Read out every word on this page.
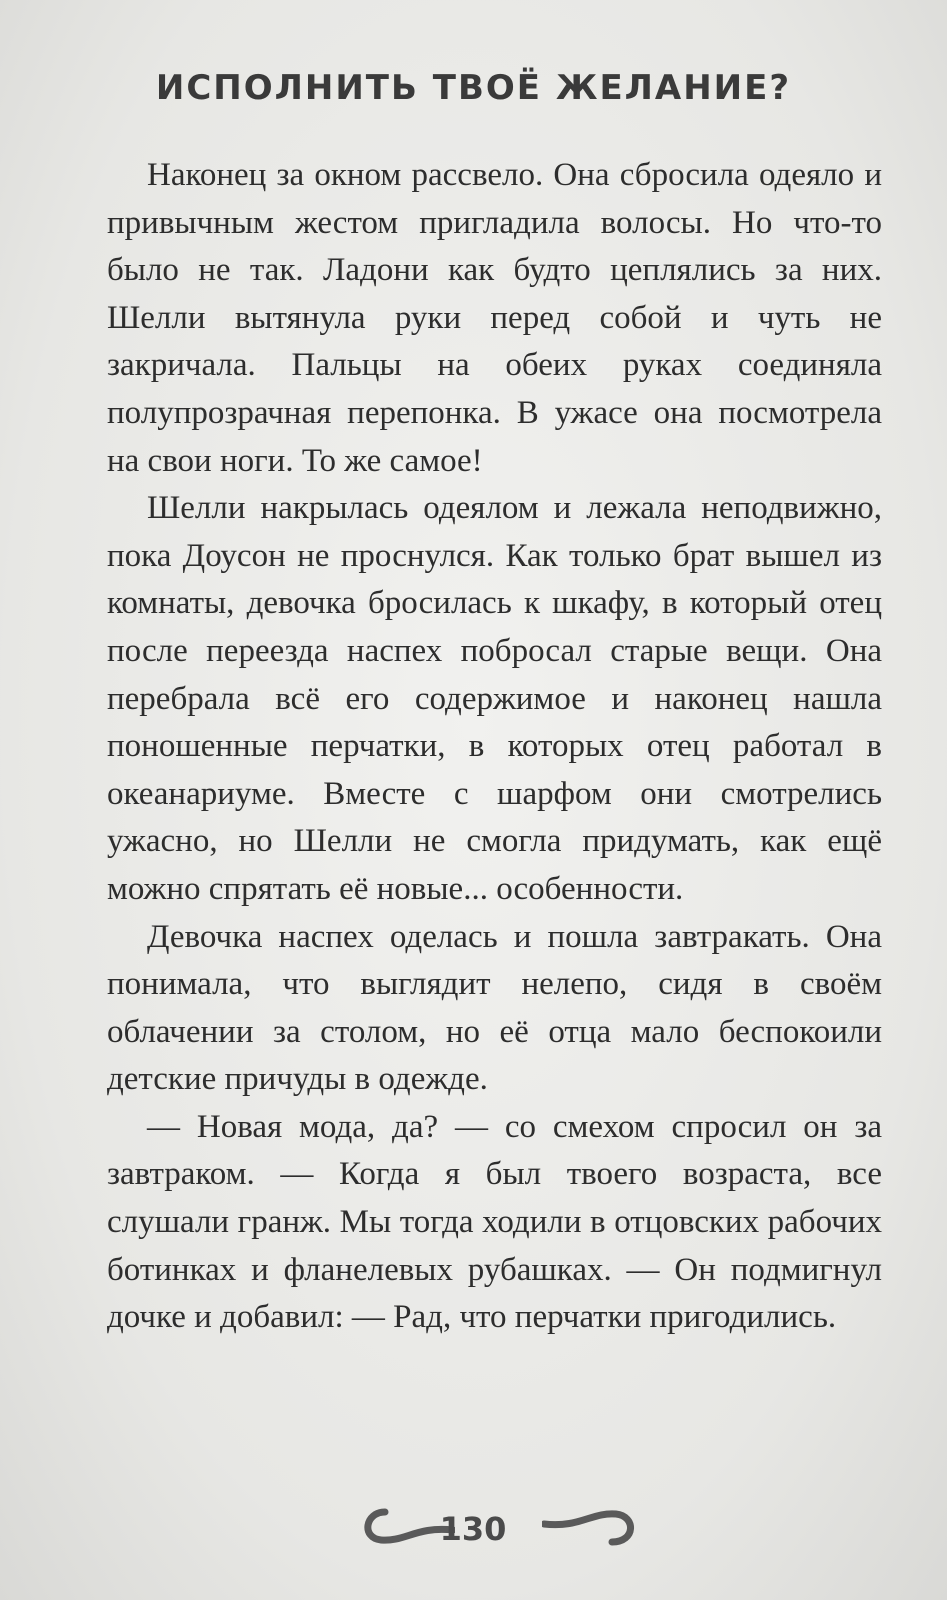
ИСПОЛНИТЬ ТВОЁ ЖЕЛАНИЕ?

Наконец за окном рассвело. Она сбросила одеяло и привычным жестом пригладила волосы. Но что-то было не так. Ладони как будто цеплялись за них. Шелли вытянула руки перед собой и чуть не закричала. Пальцы на обеих руках соединяла полупрозрачная перепонка. В ужасе она посмотрела на свои ноги. То же самое!

Шелли накрылась одеялом и лежала неподвижно, пока Доусон не проснулся. Как только брат вышел из комнаты, девочка бросилась к шкафу, в который отец после переезда наспех побросал старые вещи. Она перебрала всё его содержимое и наконец нашла поношенные перчатки, в которых отец работал в океанариуме. Вместе с шарфом они смотрелись ужасно, но Шелли не смогла придумать, как ещё можно спрятать её новые... особенности.

Девочка наспех оделась и пошла завтракать. Она понимала, что выглядит нелепо, сидя в своём облачении за столом, но её отца мало беспокоили детские причуды в одежде.

— Новая мода, да? — со смехом спросил он за завтраком. — Когда я был твоего возраста, все слушали гранж. Мы тогда ходили в отцовских рабочих ботинках и фланелевых рубашках. — Он подмигнул дочке и добавил: — Рад, что перчатки пригодились.

130
